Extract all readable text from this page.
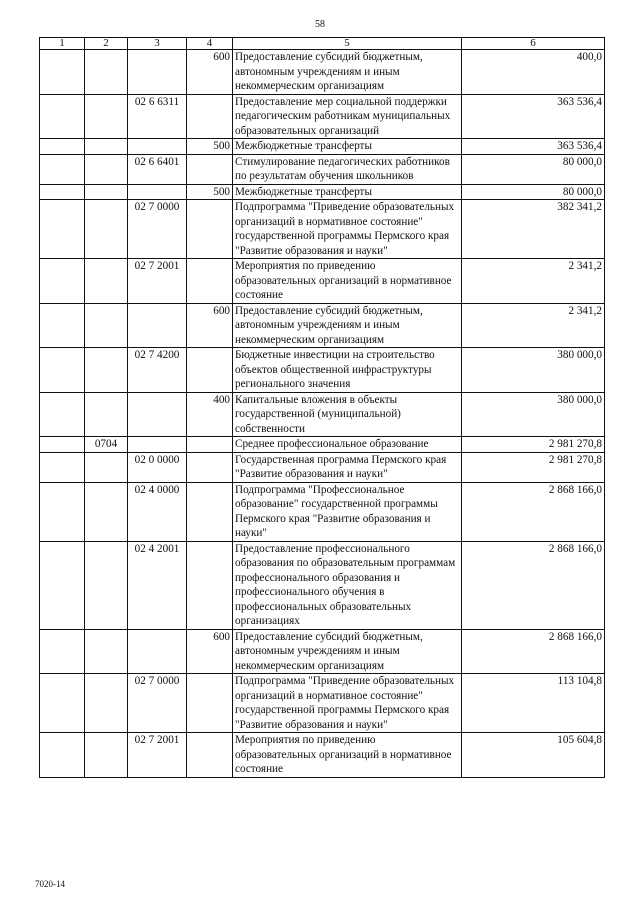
58
1	2	3	4	5	6
			600	Предоставление субсидий бюджетным, автономным учреждениям и иным некоммерческим организациям	400,0
		02 6 6311		Предоставление мер социальной поддержки педагогическим работникам муниципальных образовательных организаций	363 536,4
			500	Межбюджетные трансферты	363 536,4
		02 6 6401		Стимулирование педагогических работников по результатам обучения школьников	80 000,0
			500	Межбюджетные трансферты	80 000,0
		02 7 0000		Подпрограмма "Приведение образовательных организаций в нормативное состояние" государственной программы Пермского края "Развитие образования и науки"	382 341,2
		02 7 2001		Мероприятия по приведению образовательных организаций в нормативное состояние	2 341,2
			600	Предоставление субсидий бюджетным, автономным учреждениям и иным некоммерческим организациям	2 341,2
		02 7 4200		Бюджетные инвестиции на строительство объектов общественной инфраструктуры регионального значения	380 000,0
			400	Капитальные вложения в объекты государственной (муниципальной) собственности	380 000,0
	0704			Среднее профессиональное образование	2 981 270,8
		02 0 0000		Государственная программа Пермского края "Развитие образования и науки"	2 981 270,8
		02 4 0000		Подпрограмма "Профессиональное образование" государственной программы Пермского края "Развитие образования и науки"	2 868 166,0
		02 4 2001		Предоставление профессионального образования по образовательным программам профессионального образования и профессионального обучения в профессиональных образовательных организациях	2 868 166,0
			600	Предоставление субсидий бюджетным, автономным учреждениям и иным некоммерческим организациям	2 868 166,0
		02 7 0000		Подпрограмма "Приведение образовательных организаций в нормативное состояние" государственной программы Пермского края "Развитие образования и науки"	113 104,8
		02 7 2001		Мероприятия по приведению образовательных организаций в нормативное состояние	105 604,8
7020-14
